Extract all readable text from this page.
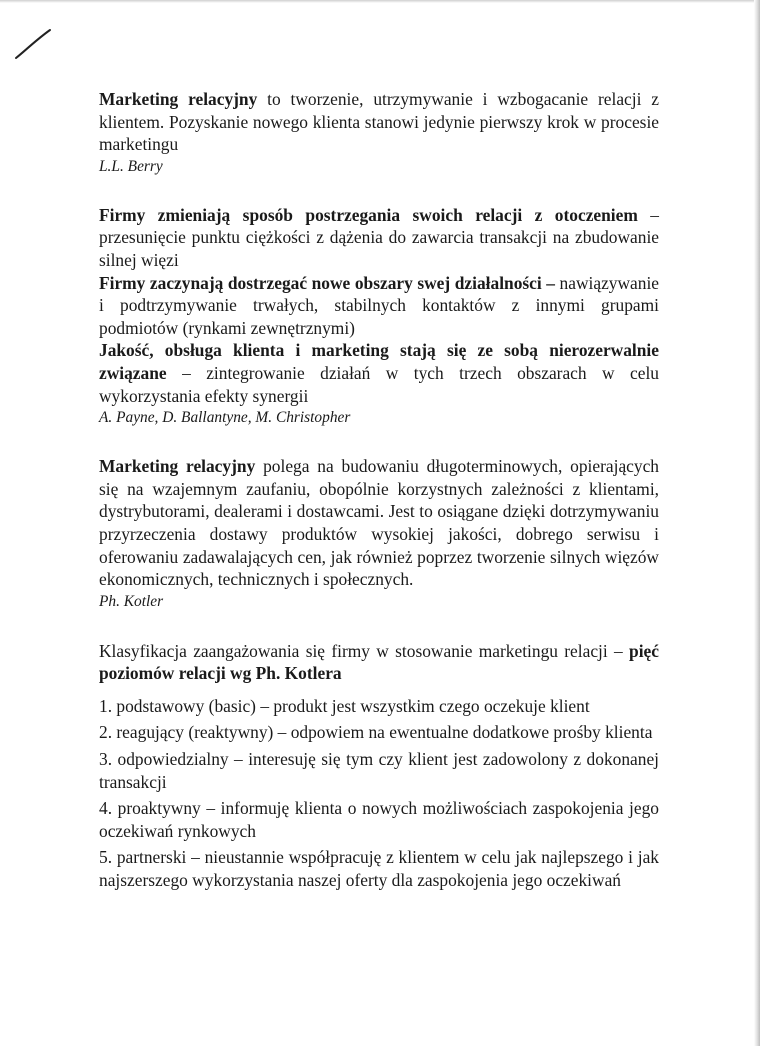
Marketing relacyjny to tworzenie, utrzymywanie i wzbogacanie relacji z klientem. Pozyskanie nowego klienta stanowi jedynie pierwszy krok w procesie marketingu

L.L. Berry

Firmy zmieniają sposób postrzegania swoich relacji z otoczeniem – przesunięcie punktu ciężkości z dążenia do zawarcia transakcji na zbudowanie silnej więzi

Firmy zaczynają dostrzegać nowe obszary swej działalności – nawiązywanie i podtrzymywanie trwałych, stabilnych kontaktów z innymi grupami podmiotów (rynkami zewnętrznymi)

Jakość, obsługa klienta i marketing stają się ze sobą nierozerwalnie związane – zintegrowanie działań w tych trzech obszarach w celu wykorzystania efekty synergii

A. Payne, D. Ballantyne, M. Christopher

Marketing relacyjny polega na budowaniu długoterminowych, opierających się na wzajemnym zaufaniu, obopólnie korzystnych zależności z klientami, dystrybutorami, dealerami i dostawcami. Jest to osiągane dzięki dotrzymywaniu przyrzeczenia dostawy produktów wysokiej jakości, dobrego serwisu i oferowaniu zadawalających cen, jak również poprzez tworzenie silnych więzów ekonomicznych, technicznych i społecznych.

Ph. Kotler

Klasyfikacja zaangażowania się firmy w stosowanie marketingu relacji – pięć poziomów relacji wg Ph. Kotlera

1. podstawowy (basic) – produkt jest wszystkim czego oczekuje klient

2. reagujący (reaktywny) – odpowiem na ewentualne dodatkowe prośby klienta

3. odpowiedzialny – interesuję się tym czy klient jest zadowolony z dokonanej transakcji

4. proaktywny – informuję klienta o nowych możliwościach zaspokojenia jego oczekiwań rynkowych

5. partnerski – nieustannie współpracuję z klientem w celu jak najlepszego i jak najszerszego wykorzystania naszej oferty dla zaspokojenia jego oczekiwań
